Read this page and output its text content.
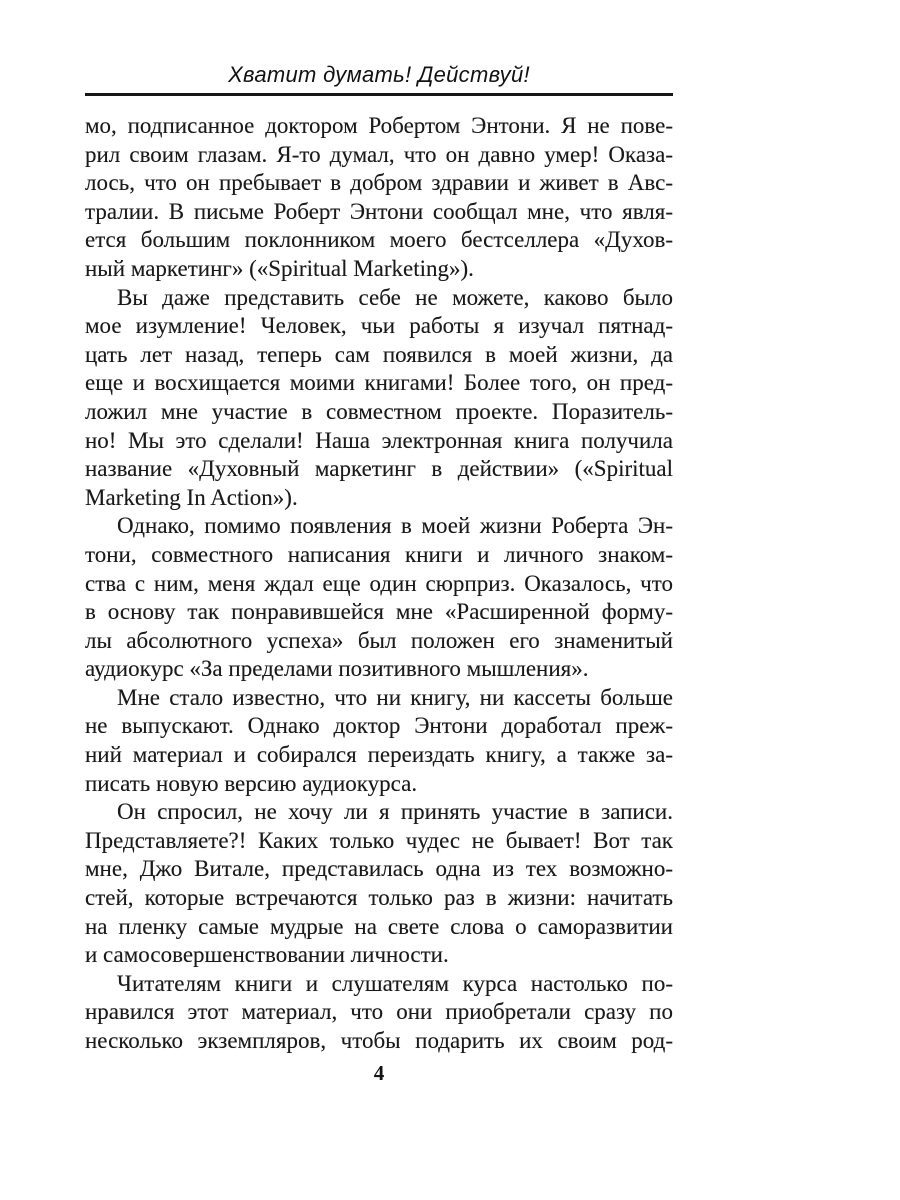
Хватит думать! Действуй!
мо, подписанное доктором Робертом Энтони. Я не пове-
рил своим глазам. Я-то думал, что он давно умер! Оказа-
лось, что он пребывает в добром здравии и живет в Авс-
тралии. В письме Роберт Энтони сообщал мне, что явля-
ется большим поклонником моего бестселлера «Духов-
ный маркетинг» («Spiritual Marketing»).
Вы даже представить себе не можете, каково было
мое изумление! Человек, чьи работы я изучал пятнад-
цать лет назад, теперь сам появился в моей жизни, да
еще и восхищается моими книгами! Более того, он пред-
ложил мне участие в совместном проекте. Поразитель-
но! Мы это сделали! Наша электронная книга получила
название «Духовный маркетинг в действии» («Spiritual
Marketing In Action»).
Однако, помимо появления в моей жизни Роберта Эн-
тони, совместного написания книги и личного знаком-
ства с ним, меня ждал еще один сюрприз. Оказалось, что
в основу так понравившейся мне «Расширенной форму-
лы абсолютного успеха» был положен его знаменитый
аудиокурс «За пределами позитивного мышления».
Мне стало известно, что ни книгу, ни кассеты больше
не выпускают. Однако доктор Энтони доработал преж-
ний материал и собирался переиздать книгу, а также за-
писать новую версию аудиокурса.
Он спросил, не хочу ли я принять участие в записи.
Представляете?! Каких только чудес не бывает! Вот так
мне, Джо Витале, представилась одна из тех возможно-
стей, которые встречаются только раз в жизни: начитать
на пленку самые мудрые на свете слова о саморазвитии
и самосовершенствовании личности.
Читателям книги и слушателям курса настолько по-
нравился этот материал, что они приобретали сразу по
несколько экземпляров, чтобы подарить их своим род-
4
